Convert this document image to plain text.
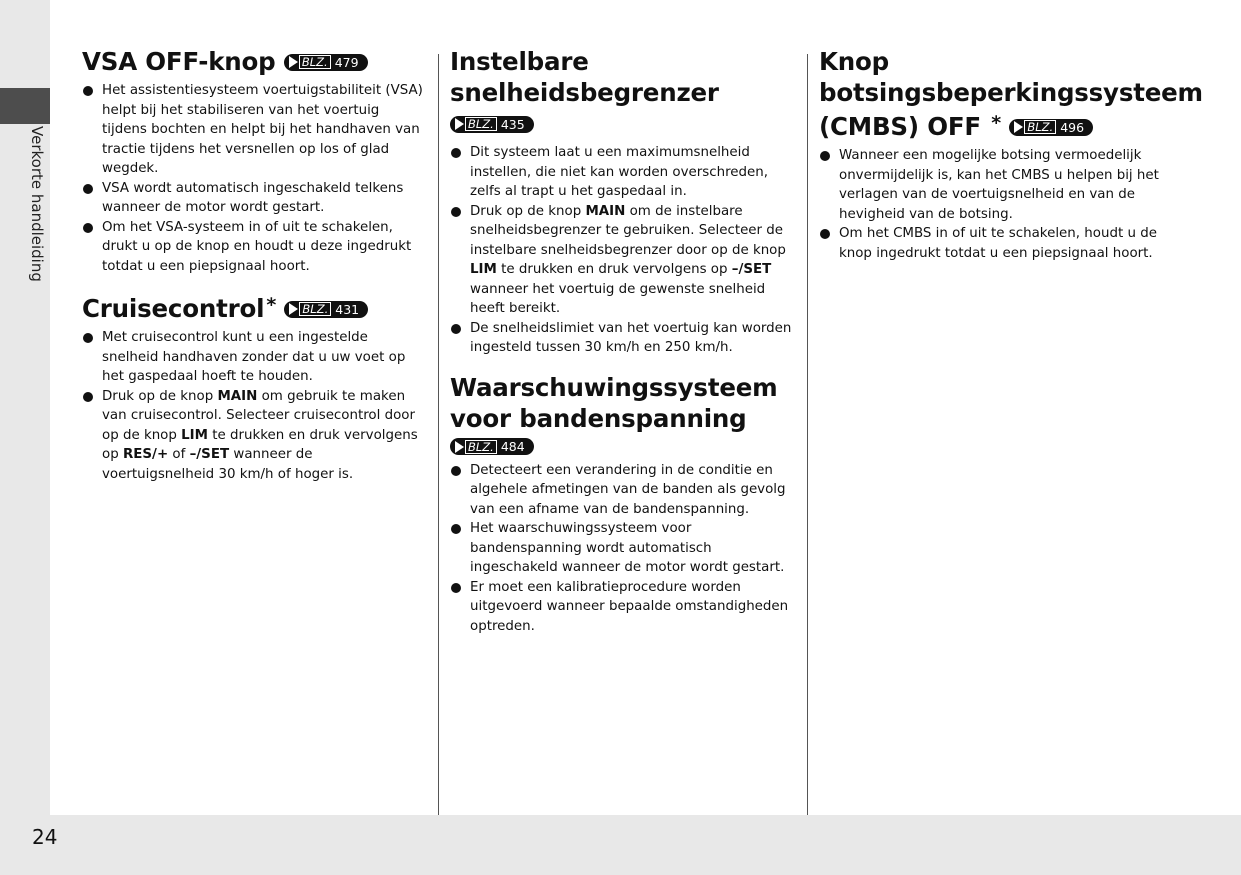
Verkorte handleiding
24
VSA OFF-knop BLZ. 479
Het assistentiesysteem voertuigstabiliteit (VSA) helpt bij het stabiliseren van het voertuig tijdens bochten en helpt bij het handhaven van tractie tijdens het versnellen op los of glad wegdek.
VSA wordt automatisch ingeschakeld telkens wanneer de motor wordt gestart.
Om het VSA-systeem in of uit te schakelen, drukt u op de knop en houdt u deze ingedrukt totdat u een piepsignaal hoort.
Cruisecontrol * BLZ. 431
Met cruisecontrol kunt u een ingestelde snelheid handhaven zonder dat u uw voet op het gaspedaal hoeft te houden.
Druk op de knop MAIN om gebruik te maken van cruisecontrol. Selecteer cruisecontrol door op de knop LIM te drukken en druk vervolgens op RES/+ of –/SET wanneer de voertuigsnelheid 30 km/h of hoger is.
Instelbare
snelheidsbegrenzer
BLZ. 435
Dit systeem laat u een maximumsnelheid instellen, die niet kan worden overschreden, zelfs al trapt u het gaspedaal in.
Druk op de knop MAIN om de instelbare snelheidsbegrenzer te gebruiken. Selecteer de instelbare snelheidsbegrenzer door op de knop LIM te drukken en druk vervolgens op –/SET wanneer het voertuig de gewenste snelheid heeft bereikt.
De snelheidslimiet van het voertuig kan worden ingesteld tussen 30 km/h en 250 km/h.
Waarschuwingssysteem
voor bandenspanning
BLZ. 484
Detecteert een verandering in de conditie en algehele afmetingen van de banden als gevolg van een afname van de bandenspanning.
Het waarschuwingssysteem voor bandenspanning wordt automatisch ingeschakeld wanneer de motor wordt gestart.
Er moet een kalibratieprocedure worden uitgevoerd wanneer bepaalde omstandigheden optreden.
Knop
botsingsbeperkingssysteem
(CMBS) OFF * BLZ. 496
Wanneer een mogelijke botsing vermoedelijk onvermijdelijk is, kan het CMBS u helpen bij het verlagen van de voertuigsnelheid en van de hevigheid van de botsing.
Om het CMBS in of uit te schakelen, houdt u de knop ingedrukt totdat u een piepsignaal hoort.
